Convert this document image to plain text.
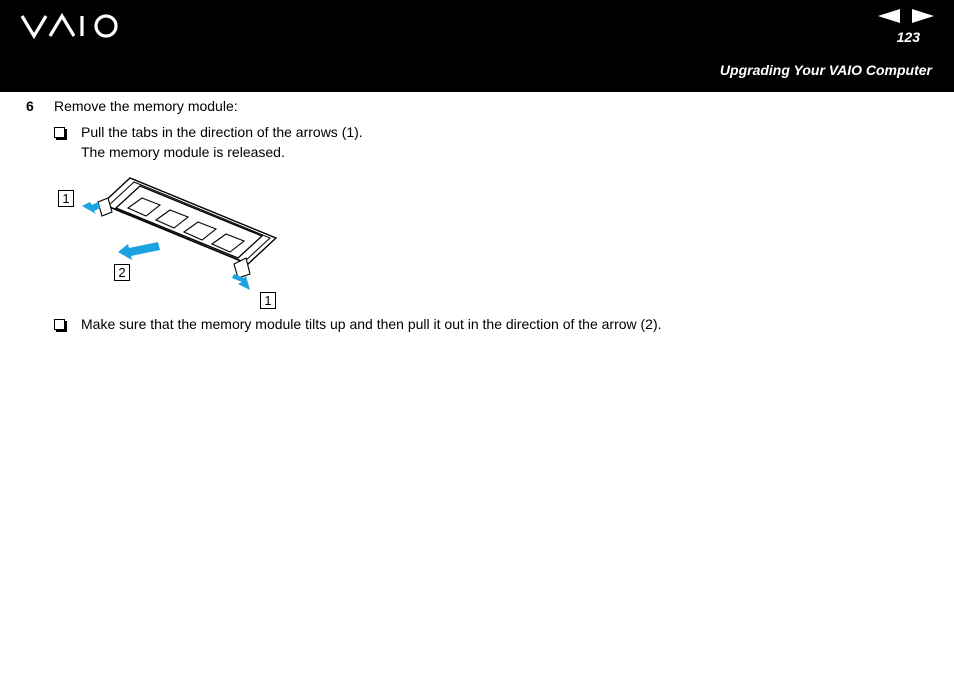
123
Upgrading Your VAIO Computer
6 Remove the memory module:
Pull the tabs in the direction of the arrows (1).
The memory module is released.
1
2
1
Make sure that the memory module tilts up and then pull it out in the direction of the arrow (2).
